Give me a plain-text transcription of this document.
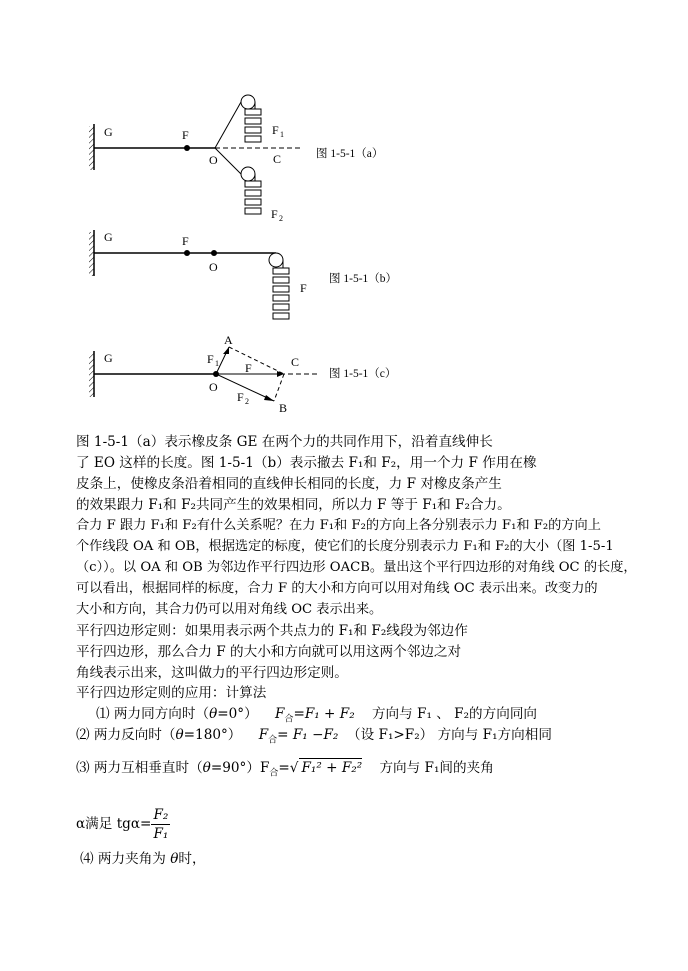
G	F
O	C
F 1
F 2
图 1-5-1（a）
G	F
O
F
图 1-5-1（b）
G
A
F 1	C
F
O
F 2	B
图 1-5-1（c）
图 1-5-1（a）表示橡皮条 GE 在两个力的共同作用下，沿着直线伸长
了 EO 这样的长度。图 1-5-1（b）表示撤去 F₁和 F₂，用一个力 F 作用在橡
皮条上，使橡皮条沿着相同的直线伸长相同的长度，力 F 对橡皮条产生
的效果跟力 F₁和 F₂共同产生的效果相同，所以力 F 等于 F₁和 F₂合力。
合力 F 跟力 F₁和 F₂有什么关系呢？在力 F₁和 F₂的方向上各分别表示力 F₁和 F₂的方向上
个作线段 OA 和 OB，根据选定的标度，使它们的长度分别表示力 F₁和 F₂的大小（图 1-5-1
（c））。以 OA 和 OB 为邻边作平行四边形 OACB。量出这个平行四边形的对角线 OC 的长度，
可以看出，根据同样的标度，合力 F 的大小和方向可以用对角线 OC 表示出来。改变力的
大小和方向，其合力仍可以用对角线 OC 表示出来。
平行四边形定则：如果用表示两个共点力的 F₁和 F₂线段为邻边作
平行四边形，那么合力 F 的大小和方向就可以用这两个邻边之对
角线表示出来，这叫做力的平行四边形定则。
平行四边形定则的应用：计算法
⑴ 两力同方向时（θ=0°） $F_合=F_1 + F_2$ 方向与 F₁ 、 F₂的方向同向
⑵ 两力反向时（θ=180°） $F_合= F_1 -F_2$ （设 F₁>F₂） 方向与 F₁方向相同
⑶ 两力互相垂直时$(\theta=90^\circ)F_合=√$ F₁² + F₂² 方向与 F₁间的夹角
α满足 $tg\alpha= \frac{\text{F₂}}{\text{F₁}}$
⑷ 两力夹角为 θ时，
